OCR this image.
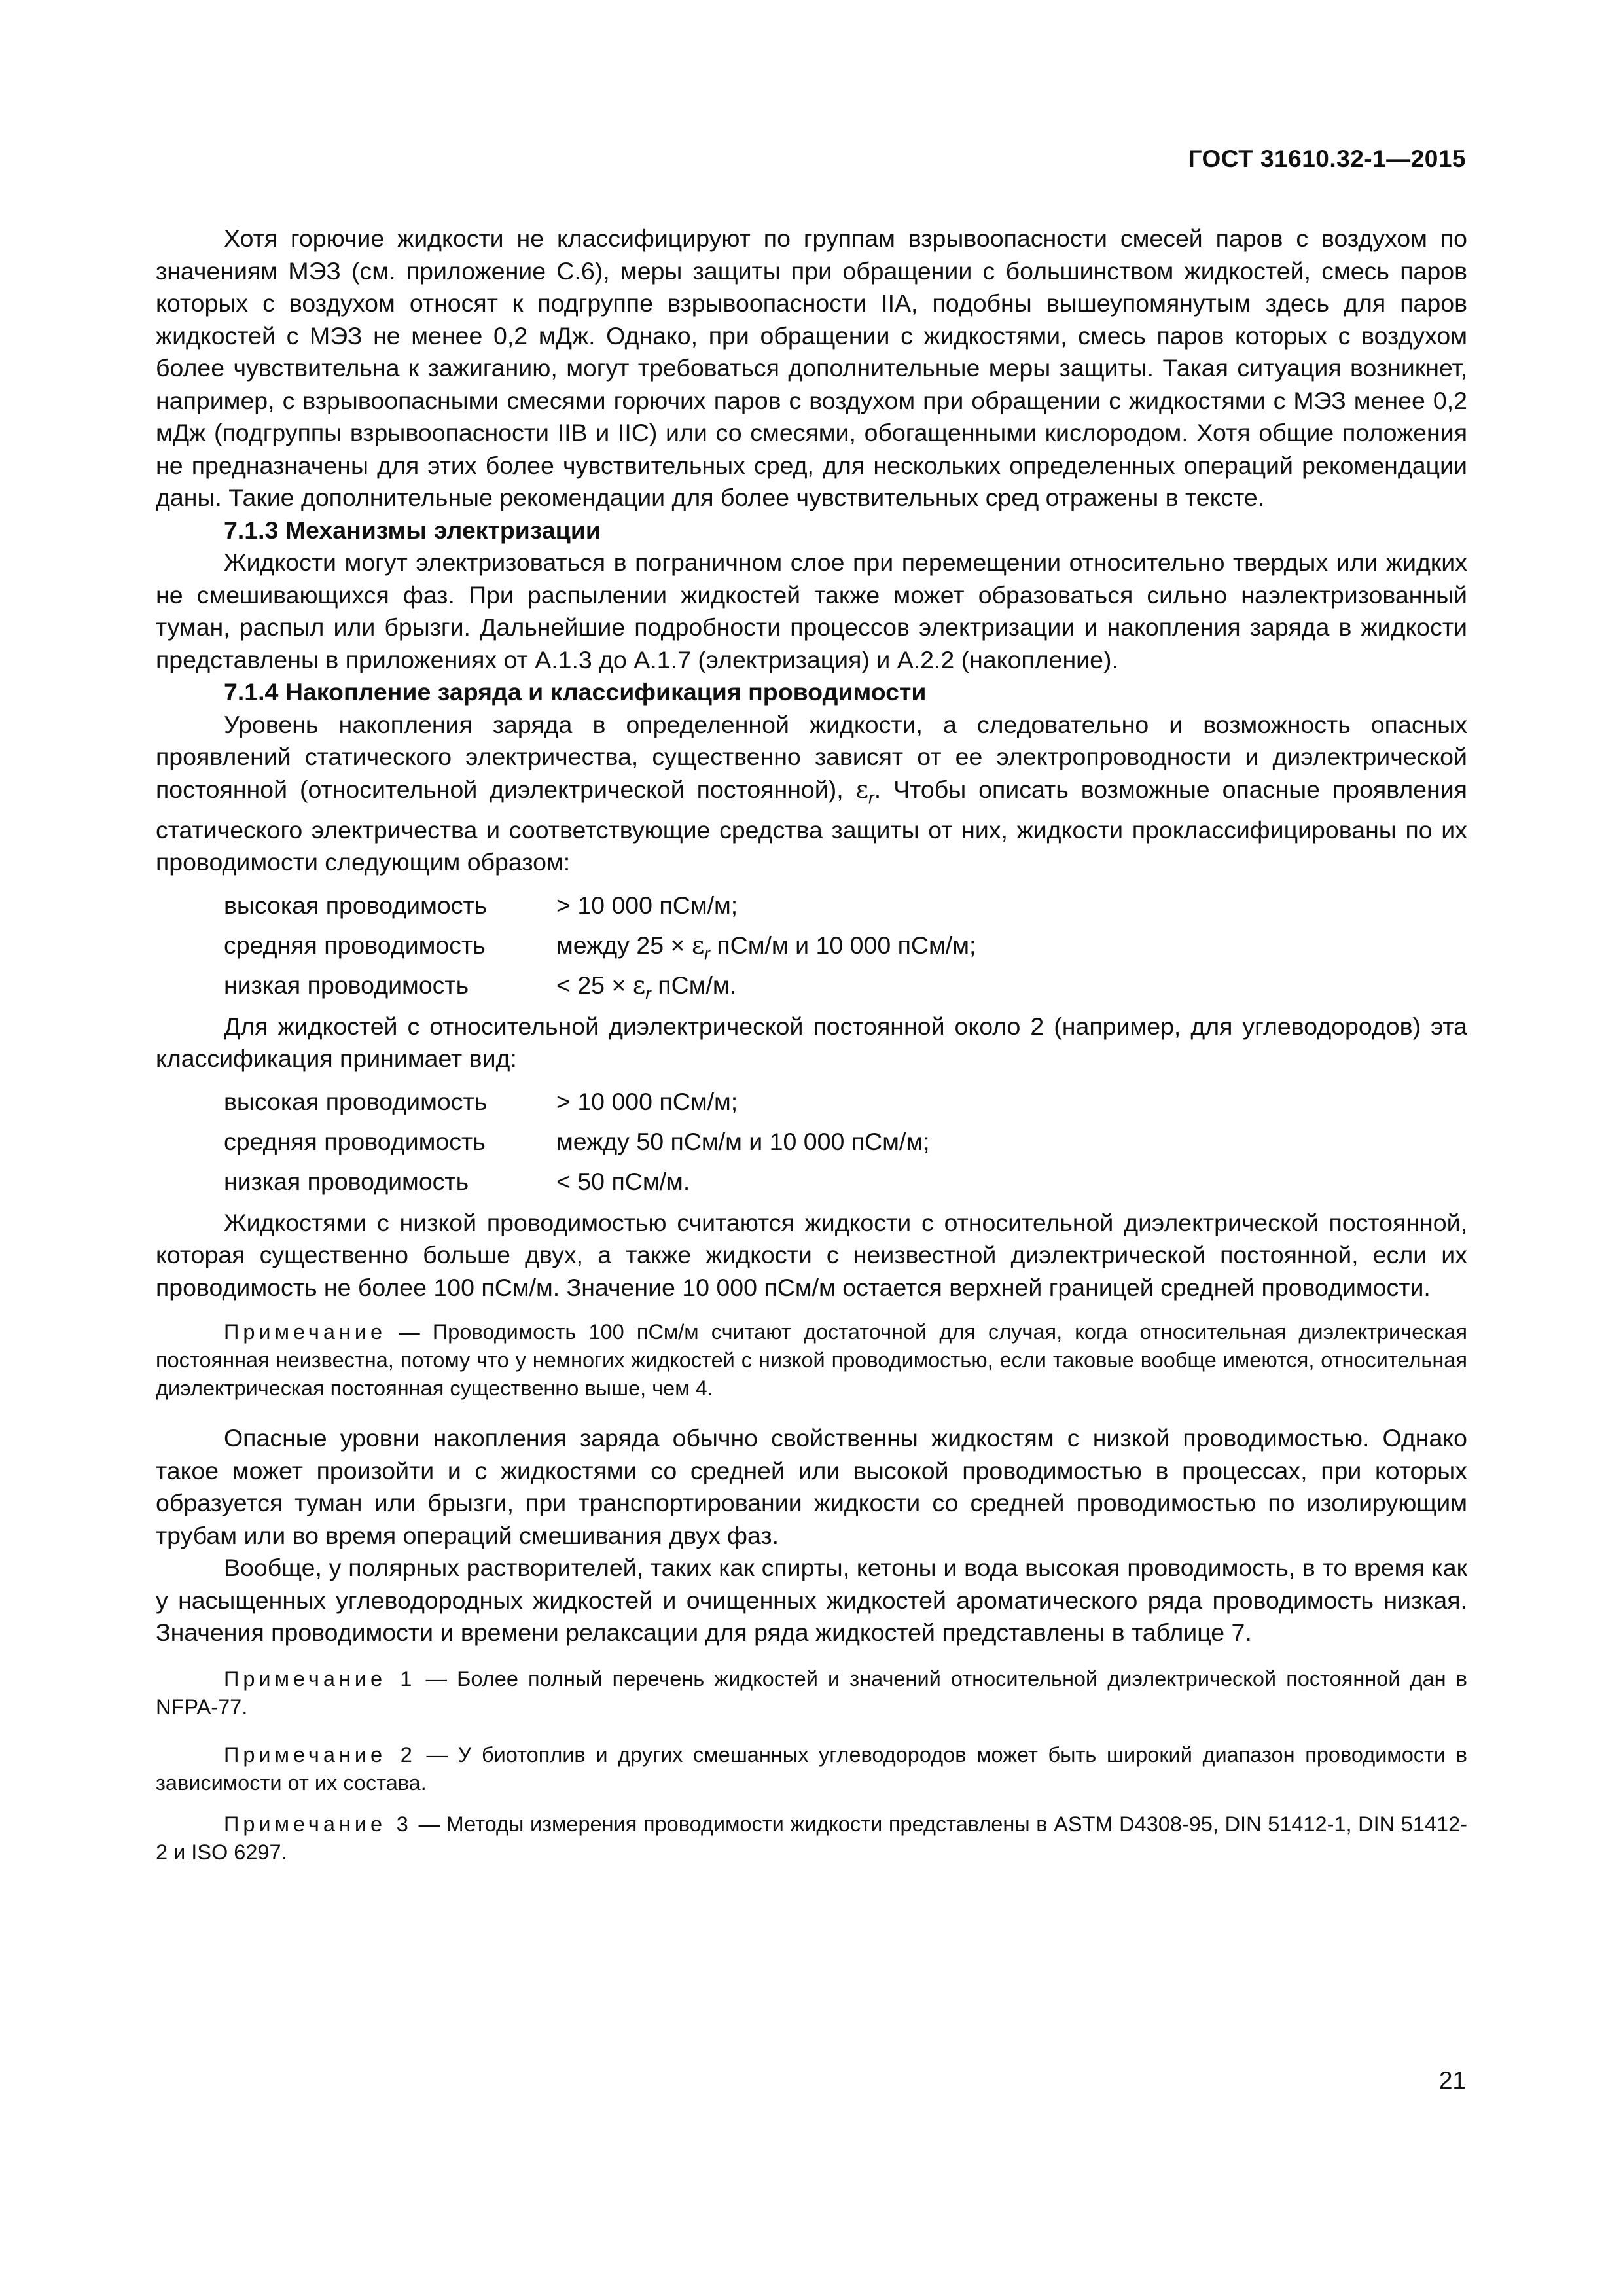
ГОСТ 31610.32-1—2015

Хотя горючие жидкости не классифицируют по группам взрывоопасности смесей паров с воздухом по значениям МЭЗ (см. приложение С.6), меры защиты при обращении с большинством жидкостей, смесь паров которых с воздухом относят к подгруппе взрывоопасности IIA, подобны вышеупомянутым здесь для паров жидкостей с МЭЗ не менее 0,2 мДж. Однако, при обращении с жидкостями, смесь паров которых с воздухом более чувствительна к зажиганию, могут требоваться дополнительные меры защиты. Такая ситуация возникнет, например, с взрывоопасными смесями горючих паров с воздухом при обращении с жидкостями с МЭЗ менее 0,2 мДж (подгруппы взрывоопасности IIB и IIC) или со смесями, обогащенными кислородом. Хотя общие положения не предназначены для этих более чувствительных сред, для нескольких определенных операций рекомендации даны. Такие дополнительные рекомендации для более чувствительных сред отражены в тексте.

7.1.3 Механизмы электризации

Жидкости могут электризоваться в пограничном слое при перемещении относительно твердых или жидких не смешивающихся фаз. При распылении жидкостей также может образоваться сильно наэлектризованный туман, распыл или брызги. Дальнейшие подробности процессов электризации и накопления заряда в жидкости представлены в приложениях от А.1.3 до А.1.7 (электризация) и А.2.2 (накопление).

7.1.4 Накопление заряда и классификация проводимости

Уровень накопления заряда в определенной жидкости, а следовательно и возможность опасных проявлений статического электричества, существенно зависят от ее электропроводности и диэлектрической постоянной (относительной диэлектрической постоянной), $\varepsilon_r$. Чтобы описать возможные опасные проявления статического электричества и соответствующие средства защиты от них, жидкости проклассифицированы по их проводимости следующим образом:

высокая проводимость	> 10 000 пСм/м;
средняя проводимость	между $25 \times \varepsilon_r$ пСм/м и 10 000 пСм/м;
низкая проводимость	< $25 \times \varepsilon_r$ пСм/м.

Для жидкостей с относительной диэлектрической постоянной около 2 (например, для углеводородов) эта классификация принимает вид:

высокая проводимость	> 10 000 пСм/м;
средняя проводимость	между 50 пСм/м и 10 000 пСм/м;
низкая проводимость	< 50 пСм/м.

Жидкостями с низкой проводимостью считаются жидкости с относительной диэлектрической постоянной, которая существенно больше двух, а также жидкости с неизвестной диэлектрической постоянной, если их проводимость не более 100 пСм/м. Значение 10 000 пСм/м остается верхней границей средней проводимости.

Примечание — Проводимость 100 пСм/м считают достаточной для случая, когда относительная диэлектрическая постоянная неизвестна, потому что у немногих жидкостей с низкой проводимостью, если таковые вообще имеются, относительная диэлектрическая постоянная существенно выше, чем 4.

Опасные уровни накопления заряда обычно свойственны жидкостям с низкой проводимостью. Однако такое может произойти и с жидкостями со средней или высокой проводимостью в процессах, при которых образуется туман или брызги, при транспортировании жидкости со средней проводимостью по изолирующим трубам или во время операций смешивания двух фаз.

Вообще, у полярных растворителей, таких как спирты, кетоны и вода высокая проводимость, в то время как у насыщенных углеводородных жидкостей и очищенных жидкостей ароматического ряда проводимость низкая. Значения проводимости и времени релаксации для ряда жидкостей представлены в таблице 7.

Примечание 1 — Более полный перечень жидкостей и значений относительной диэлектрической постоянной дан в NFPA-77.

Примечание 2 — У биотоплив и других смешанных углеводородов может быть широкий диапазон проводимости в зависимости от их состава.

Примечание 3 — Методы измерения проводимости жидкости представлены в ASTM D4308-95, DIN 51412-1, DIN 51412-2 и ISO 6297.

21
